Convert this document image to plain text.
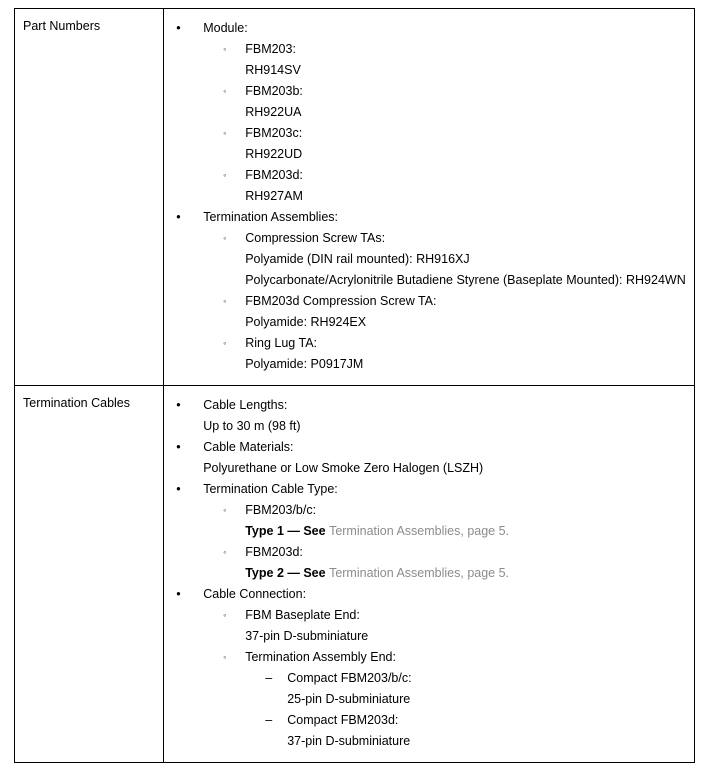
Part Numbers	•	Module:
◦	FBM203:
RH914SV
◦	FBM203b:
RH922UA
◦	FBM203c:
RH922UD
◦	FBM203d:
RH927AM
•	Termination Assemblies:
◦	Compression Screw TAs:
Polyamide (DIN rail mounted): RH916XJ
Polycarbonate/Acrylonitrile Butadiene Styrene (Baseplate Mounted): RH924WN
◦	FBM203d Compression Screw TA:
Polyamide: RH924EX
◦	Ring Lug TA:
Polyamide: P0917JM

Termination Cables	•	Cable Lengths:
Up to 30 m (98 ft)
•	Cable Materials:
Polyurethane or Low Smoke Zero Halogen (LSZH)
•	Termination Cable Type:
◦	FBM203/b/c:
Type 1 — See Termination Assemblies, page 5.
◦	FBM203d:
Type 2 — See Termination Assemblies, page 5.
•	Cable Connection:
◦	FBM Baseplate End:
37-pin D-subminiature
◦	Termination Assembly End:
–	Compact FBM203/b/c:
25-pin D-subminiature
–	Compact FBM203d:
37-pin D-subminiature
